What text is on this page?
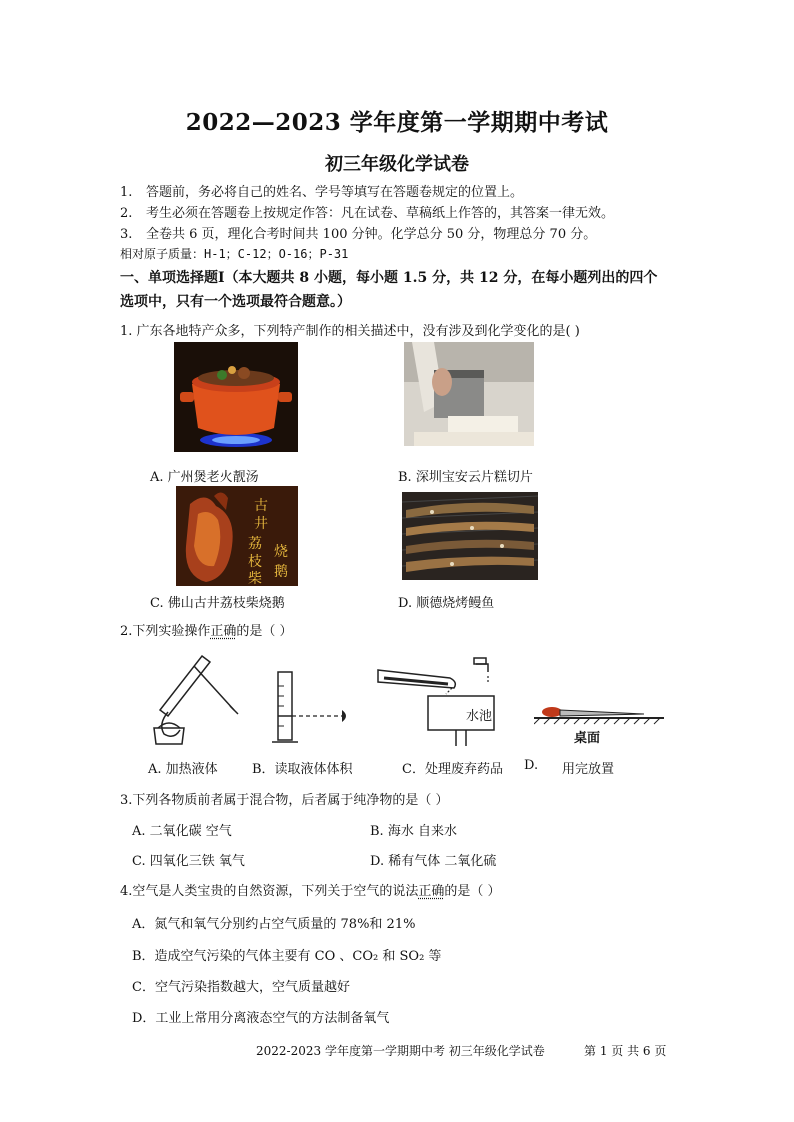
2022—2023 学年度第一学期期中考试
初三年级化学试卷
1. 答题前，务必将自己的姓名、学号等填写在答题卷规定的位置上。
2. 考生必须在答题卷上按规定作答：凡在试卷、草稿纸上作答的，其答案一律无效。
3. 全卷共 6 页，理化合考时间共 100 分钟。化学总分 50 分，物理总分 70 分。
相对原子质量：H-1；C-12；O-16；P-31
一、单项选择题Ⅰ（本大题共 8 小题，每小题 1.5 分，共 12 分，在每小题列出的四个
选项中，只有一个选项最符合题意。）
1. 广东各地特产众多，下列特产制作的相关描述中，没有涉及到化学变化的是( )
A. 广州煲老火靓汤	B. 深圳宝安云片糕切片
古
井
荔
枝
柴
烧
鹅
C. 佛山古井荔枝柴烧鹅	D. 顺德烧烤鳗鱼
2.下列实验操作正确的是（ ）
A. 加热液体	B．读取液体体积
水池
C．处理废弃药品
桌面
D. 用完放置
3.下列各物质前者属于混合物，后者属于纯净物的是（ ）
A. 二氧化碳 空气	B. 海水 自来水
C. 四氧化三铁 氧气	D. 稀有气体 二氧化硫
4.空气是人类宝贵的自然资源，下列关于空气的说法正确的是（ ）
A．氮气和氧气分别约占空气质量的 78%和 21%
B．造成空气污染的气体主要有 CO 、CO₂ 和 SO₂ 等
C．空气污染指数越大，空气质量越好
D．工业上常用分离液态空气的方法制备氧气
2022-2023 学年度第一学期期中考 初三年级化学试卷	第 1 页 共 6 页
